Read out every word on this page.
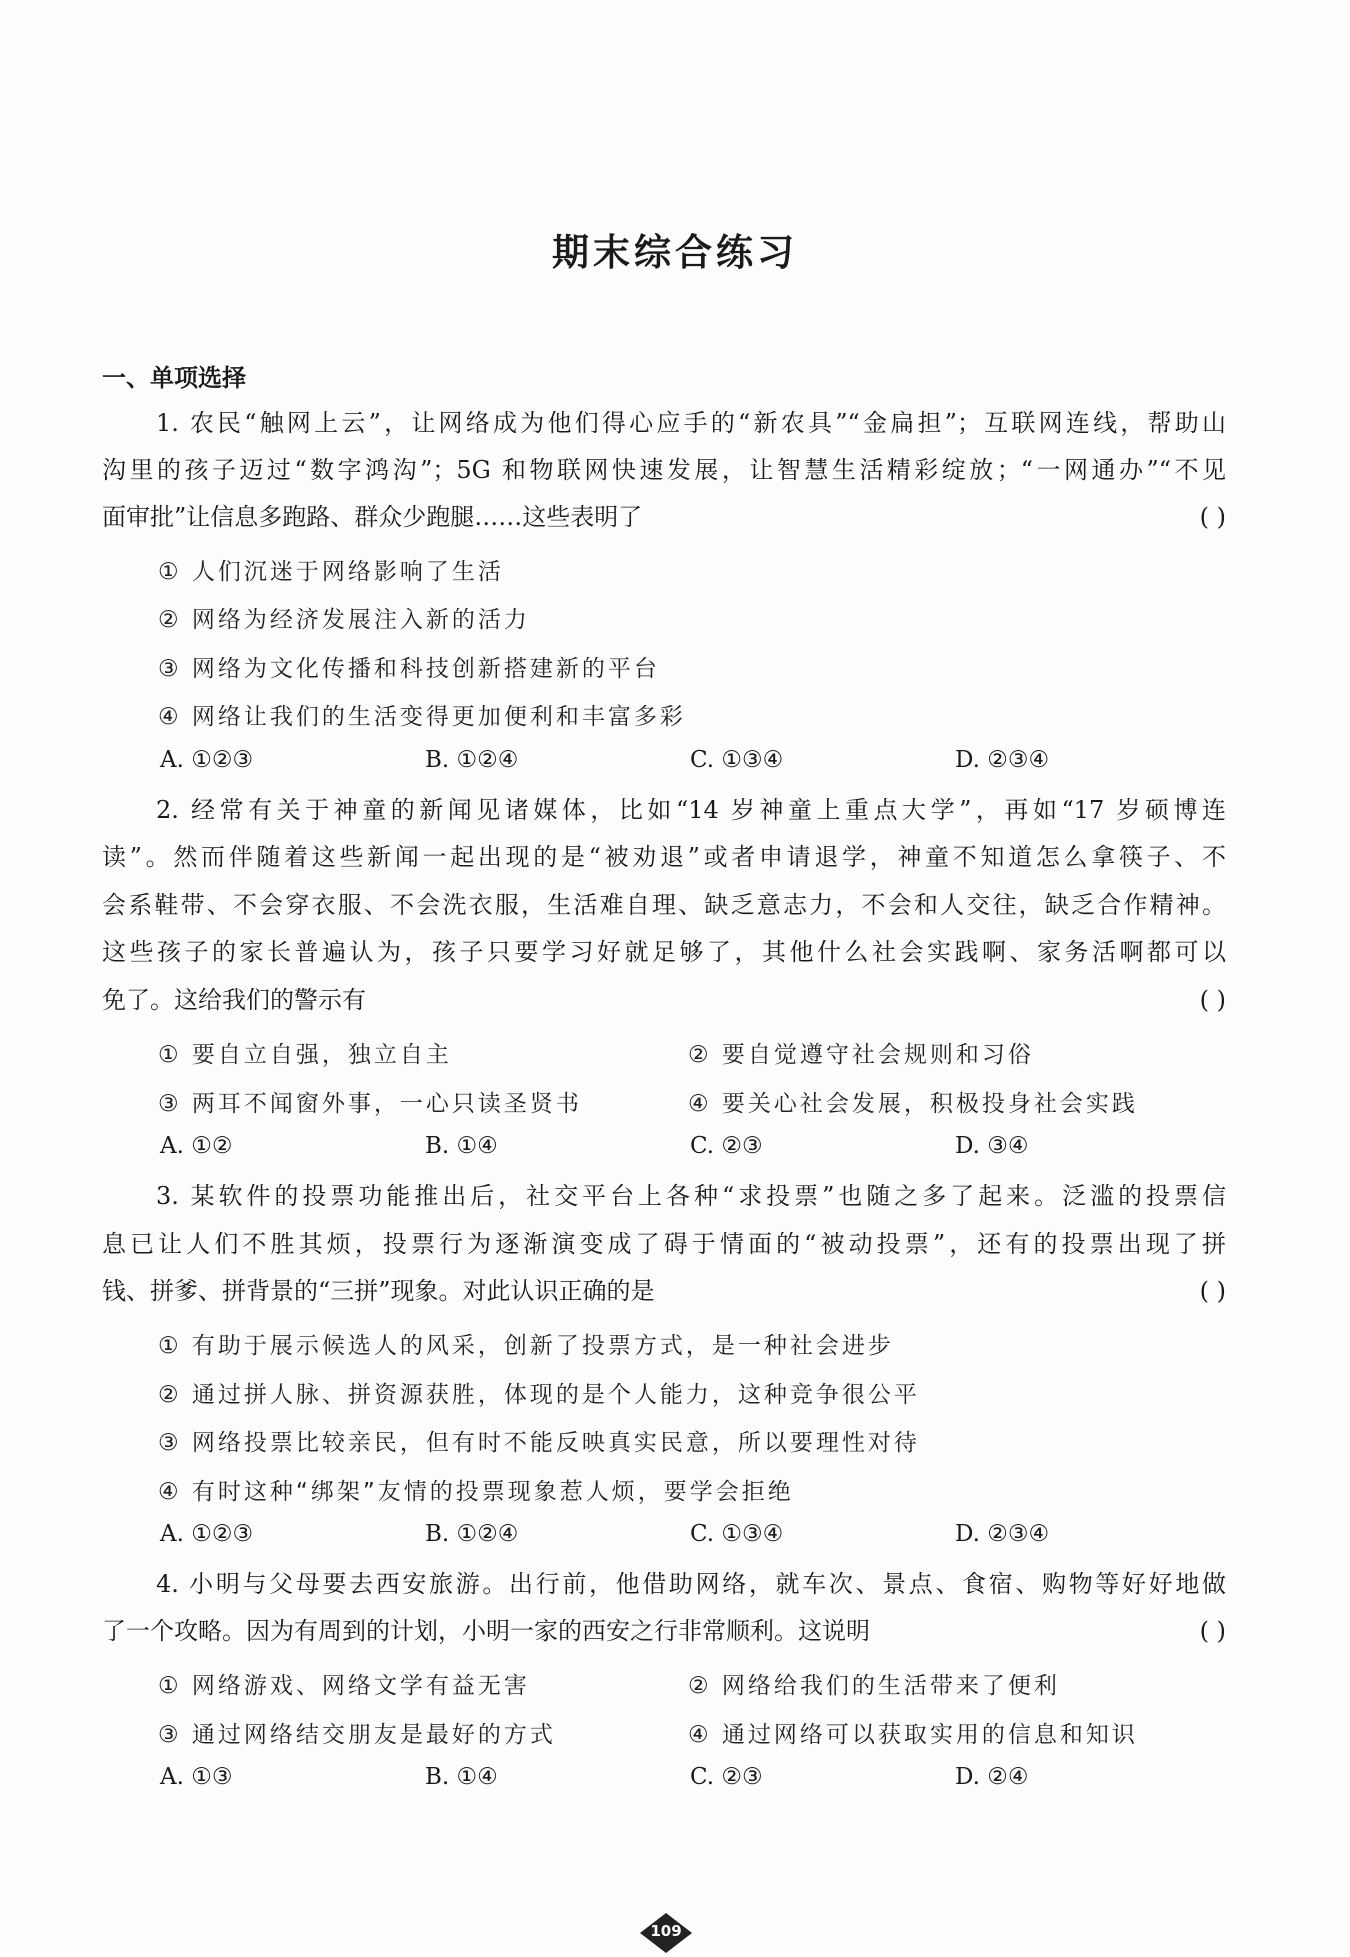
期末综合练习
一、单项选择
1. 农民“触网上云”，让网络成为他们得心应手的“新农具”“金扁担”；互联网连线，帮助山
沟里的孩子迈过“数字鸿沟”；5G 和物联网快速发展，让智慧生活精彩绽放；“一网通办”“不见
面审批”让信息多跑路、群众少跑腿……这些表明了	( )
① 人们沉迷于网络影响了生活
② 网络为经济发展注入新的活力
③ 网络为文化传播和科技创新搭建新的平台
④ 网络让我们的生活变得更加便利和丰富多彩
A. ①②③	B. ①②④	C. ①③④	D. ②③④
2. 经常有关于神童的新闻见诸媒体，比如“14 岁神童上重点大学”，再如“17 岁硕博连
读”。然而伴随着这些新闻一起出现的是“被劝退”或者申请退学，神童不知道怎么拿筷子、不
会系鞋带、不会穿衣服、不会洗衣服，生活难自理、缺乏意志力，不会和人交往，缺乏合作精神。
这些孩子的家长普遍认为，孩子只要学习好就足够了，其他什么社会实践啊、家务活啊都可以
免了。这给我们的警示有	( )
① 要自立自强，独立自主	② 要自觉遵守社会规则和习俗
③ 两耳不闻窗外事，一心只读圣贤书	④ 要关心社会发展，积极投身社会实践
A. ①②	B. ①④	C. ②③	D. ③④
3. 某软件的投票功能推出后，社交平台上各种“求投票”也随之多了起来。泛滥的投票信
息已让人们不胜其烦，投票行为逐渐演变成了碍于情面的“被动投票”，还有的投票出现了拼
钱、拼爹、拼背景的“三拼”现象。对此认识正确的是	( )
① 有助于展示候选人的风采，创新了投票方式，是一种社会进步
② 通过拼人脉、拼资源获胜，体现的是个人能力，这种竞争很公平
③ 网络投票比较亲民，但有时不能反映真实民意，所以要理性对待
④ 有时这种“绑架”友情的投票现象惹人烦，要学会拒绝
A. ①②③	B. ①②④	C. ①③④	D. ②③④
4. 小明与父母要去西安旅游。出行前，他借助网络，就车次、景点、食宿、购物等好好地做
了一个攻略。因为有周到的计划，小明一家的西安之行非常顺利。这说明	( )
① 网络游戏、网络文学有益无害	② 网络给我们的生活带来了便利
③ 通过网络结交朋友是最好的方式	④ 通过网络可以获取实用的信息和知识
A. ①③	B. ①④	C. ②③	D. ②④
109
